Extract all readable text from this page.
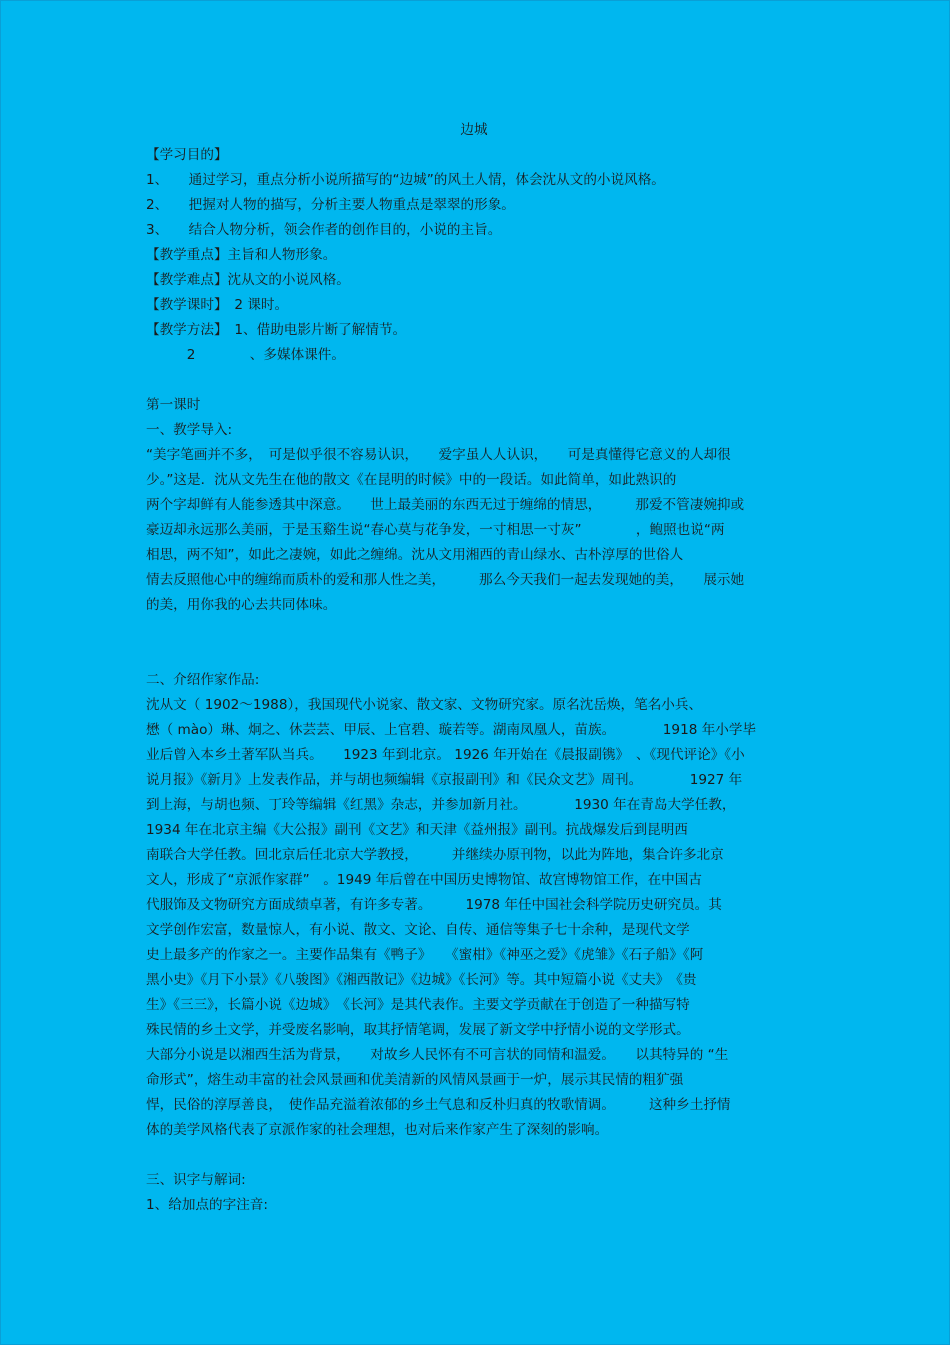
边城
【学习目的】
1、　　通过学习，重点分析小说所描写的“边城”的风土人情，体会沈从文的小说风格。
2、　　把握对人物的描写，分析主要人物重点是翠翠的形象。
3、　　结合人物分析，领会作者的创作目的，小说的主旨。
【教学重点】主旨和人物形象。
【教学难点】沈从文的小说风格。
【教学课时】　2 课时。
【教学方法】　1、借助电影片断了解情节。
　　　2　　　　、多媒体课件。
第一课时
一、教学导入:
“美字笔画并不多，　可是似乎很不容易认识，　　爱字虽人人认识，　　可是真懂得它意义的人却很
少。”这是．沈从文先生在他的散文《在昆明的时候》中的一段话。如此简单，如此熟识的
两个字却鲜有人能参透其中深意。　　世上最美丽的东西无过于缠绵的情思，　　　那爱不管凄婉抑或
豪迈却永远那么美丽，于是玉谿生说“春心莫与花争发，一寸相思一寸灰”　　　　，鲍照也说“两
相思，两不知”，如此之凄婉，如此之缠绵。沈从文用湘西的青山绿水、古朴淳厚的世俗人
情去反照他心中的缠绵而质朴的爱和那人性之美，　　　那么今天我们一起去发现她的美，　　展示她
的美，用你我的心去共同体味。
二、介绍作家作品:
沈从文（ 1902～1988），我国现代小说家、散文家、文物研究家。原名沈岳焕，笔名小兵、
懋（ mào）琳、炯之、休芸芸、甲辰、上官碧、璇若等。湖南凤凰人，苗族。　　　　1918 年小学毕
业后曾入本乡土著军队当兵。　　1923 年到北京。 1926 年开始在《晨报副镌》　、《现代评论》《小
说月报》《新月》上发表作品，并与胡也频编辑《京报副刊》和《民众文艺》周刊。　　　　1927 年
到上海，与胡也频、丁玲等编辑《红黑》杂志，并参加新月社。　　　　1930 年在青岛大学任教，
1934 年在北京主编《大公报》副刊《文艺》和天津《益州报》副刊。抗战爆发后到昆明西
南联合大学任教。回北京后任北京大学教授，　　　并继续办原刊物，以此为阵地，集合许多北京
文人，形成了“京派作家群”　。1949 年后曾在中国历史博物馆、故宫博物馆工作，在中国古
代服饰及文物研究方面成绩卓著，有许多专著。　　　1978 年任中国社会科学院历史研究员。其
文学创作宏富，数量惊人，有小说、散文、文论、自传、通信等集子七十余种，是现代文学
史上最多产的作家之一。主要作品集有《鸭子》　　《蜜柑》《神巫之爱》《虎雏》《石子船》《阿
黑小史》《月下小景》《八骏图》《湘西散记》《边城》《长河》等。其中短篇小说《丈夫》　《贵
生》《三三》，长篇小说《边城》　《长河》是其代表作。主要文学贡献在于创造了一种描写特
殊民情的乡土文学，并受废名影响，取其抒情笔调，发展了新文学中抒情小说的文学形式。
大部分小说是以湘西生活为背景，　　对故乡人民怀有不可言状的同情和温爱。　　以其特异的 “生
命形式”，熔生动丰富的社会风景画和优美清新的风情风景画于一炉，展示其民情的粗犷强
悍，民俗的淳厚善良，　使作品充溢着浓郁的乡土气息和反朴归真的牧歌情调。　　　这种乡土抒情
体的美学风格代表了京派作家的社会理想，也对后来作家产生了深刻的影响。
三、识字与解词:
1、给加点的字注音:
